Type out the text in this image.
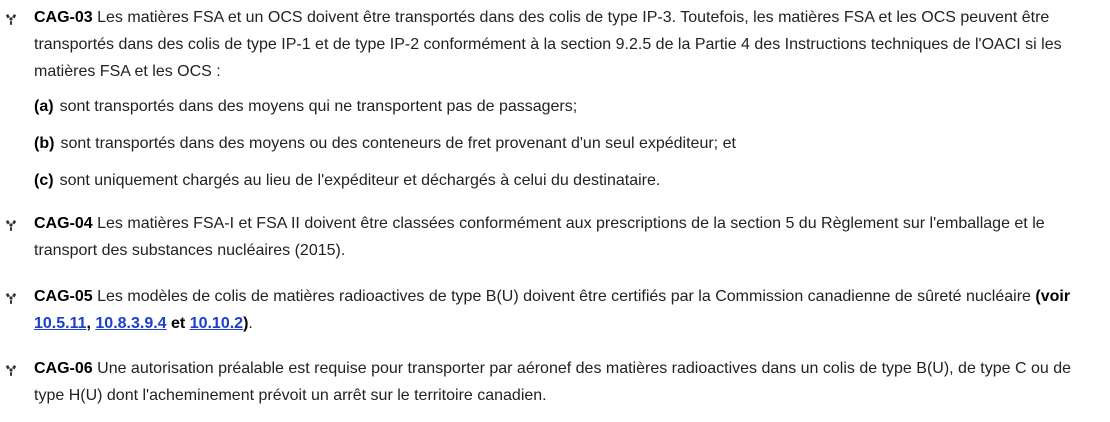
CAG-03 Les matières FSA et un OCS doivent être transportés dans des colis de type IP-3. Toutefois, les matières FSA et les OCS peuvent être transportés dans des colis de type IP-1 et de type IP-2 conformément à la section 9.2.5 de la Partie 4 des Instructions techniques de l'OACI si les matières FSA et les OCS :
(a) sont transportés dans des moyens qui ne transportent pas de passagers;
(b) sont transportés dans des moyens ou des conteneurs de fret provenant d'un seul expéditeur; et
(c) sont uniquement chargés au lieu de l'expéditeur et déchargés à celui du destinataire.
CAG-04 Les matières FSA-I et FSA II doivent être classées conformément aux prescriptions de la section 5 du Règlement sur l'emballage et le transport des substances nucléaires (2015).
CAG-05 Les modèles de colis de matières radioactives de type B(U) doivent être certifiés par la Commission canadienne de sûreté nucléaire (voir 10.5.11, 10.8.3.9.4 et 10.10.2).
CAG-06 Une autorisation préalable est requise pour transporter par aéronef des matières radioactives dans un colis de type B(U), de type C ou de type H(U) dont l'acheminement prévoit un arrêt sur le territoire canadien.
